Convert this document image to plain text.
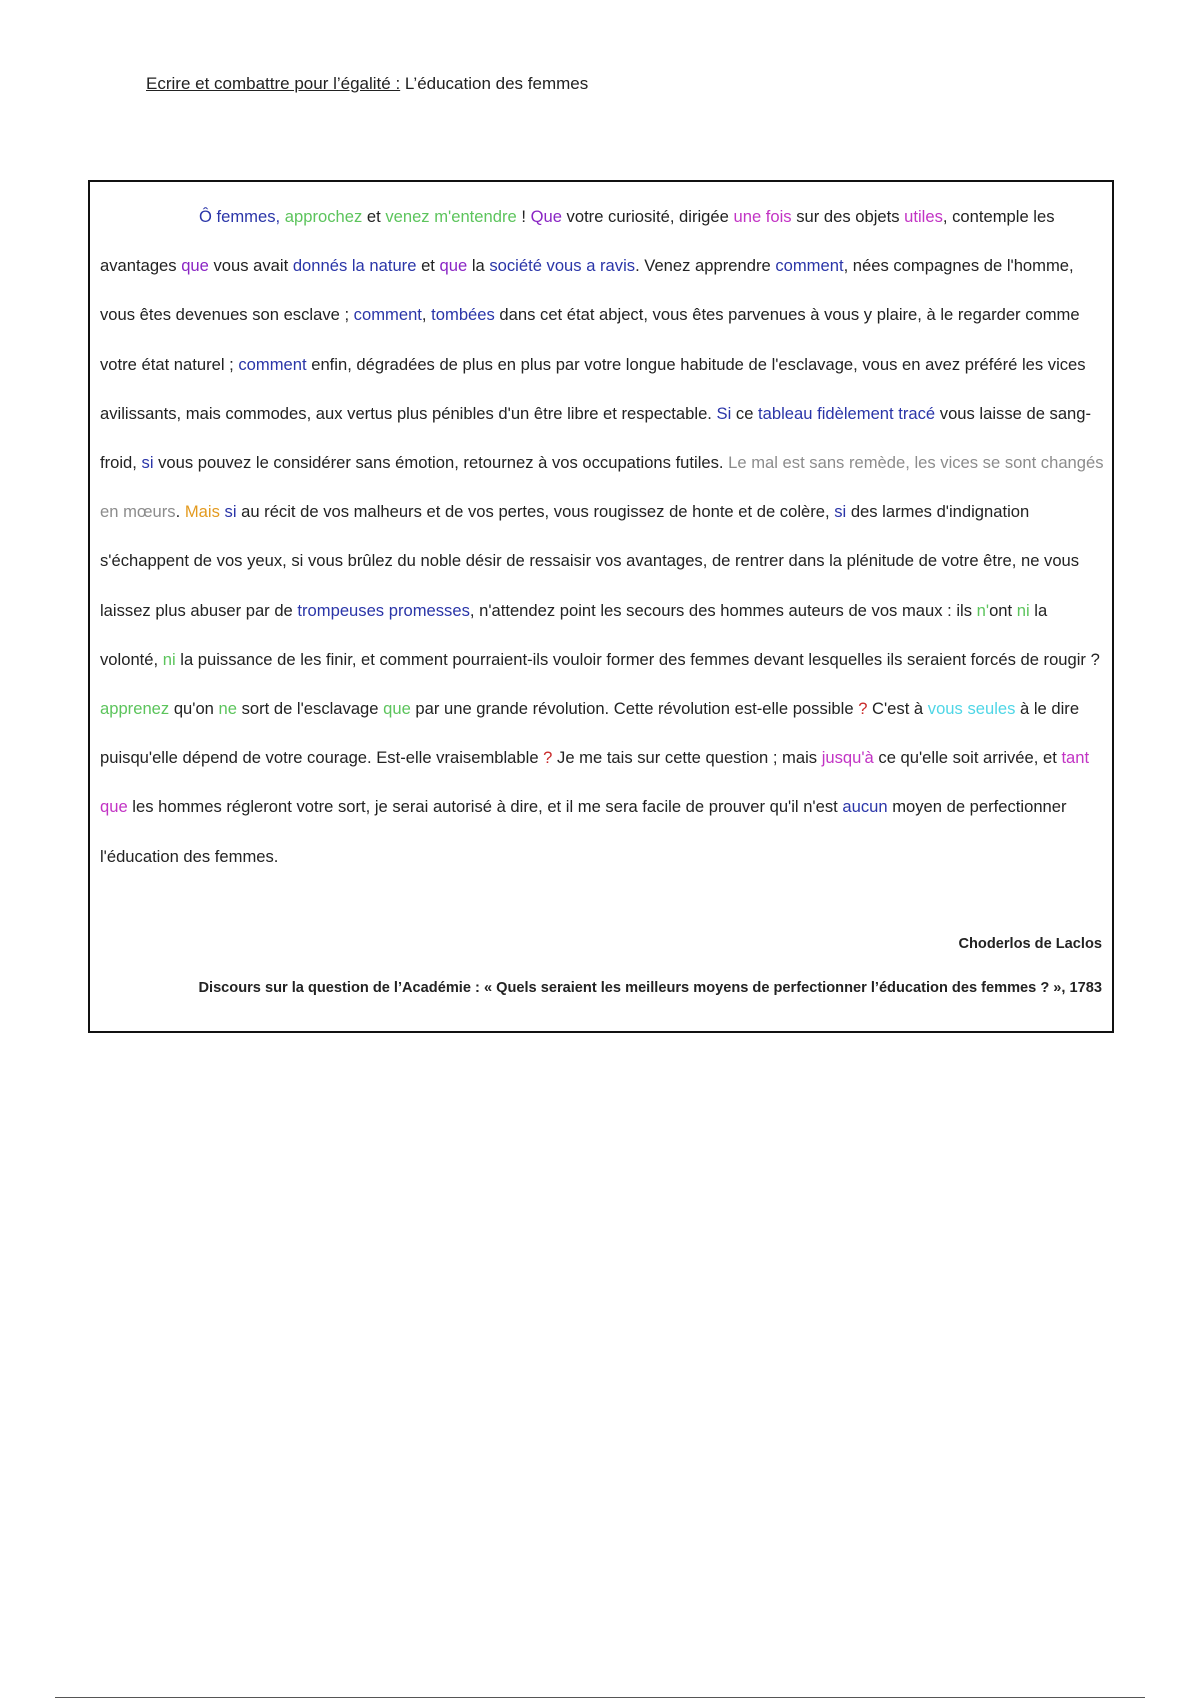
Ecrire et combattre pour l’égalité : L’éducation des femmes

Ô femmes, approchez et venez m'entendre ! Que votre curiosité, dirigée une fois sur des objets utiles, contemple les avantages que vous avait donnés la nature et que la société vous a ravis. Venez apprendre comment, nées compagnes de l'homme, vous êtes devenues son esclave ; comment, tombées dans cet état abject, vous êtes parvenues à vous y plaire, à le regarder comme votre état naturel ; comment enfin, dégradées de plus en plus par votre longue habitude de l'esclavage, vous en avez préféré les vices avilissants, mais commodes, aux vertus plus pénibles d'un être libre et respectable. Si ce tableau fidèlement tracé vous laisse de sang-froid, si vous pouvez le considérer sans émotion, retournez à vos occupations futiles. Le mal est sans remède, les vices se sont changés en mœurs. Mais si au récit de vos malheurs et de vos pertes, vous rougissez de honte et de colère, si des larmes d'indignation s'échappent de vos yeux, si vous brûlez du noble désir de ressaisir vos avantages, de rentrer dans la plénitude de votre être, ne vous laissez plus abuser par de trompeuses promesses, n'attendez point les secours des hommes auteurs de vos maux : ils n'ont ni la volonté, ni la puissance de les finir, et comment pourraient-ils vouloir former des femmes devant lesquelles ils seraient forcés de rougir ? apprenez qu'on ne sort de l'esclavage que par une grande révolution. Cette révolution est-elle possible ? C'est à vous seules à le dire puisqu'elle dépend de votre courage. Est-elle vraisemblable ? Je me tais sur cette question ; mais jusqu'à ce qu'elle soit arrivée, et tant que les hommes régleront votre sort, je serai autorisé à dire, et il me sera facile de prouver qu'il n'est aucun moyen de perfectionner l'éducation des femmes.

Choderlos de Laclos

Discours sur la question de l’Académie : « Quels seraient les meilleurs moyens de perfectionner l’éducation des femmes ? », 1783
